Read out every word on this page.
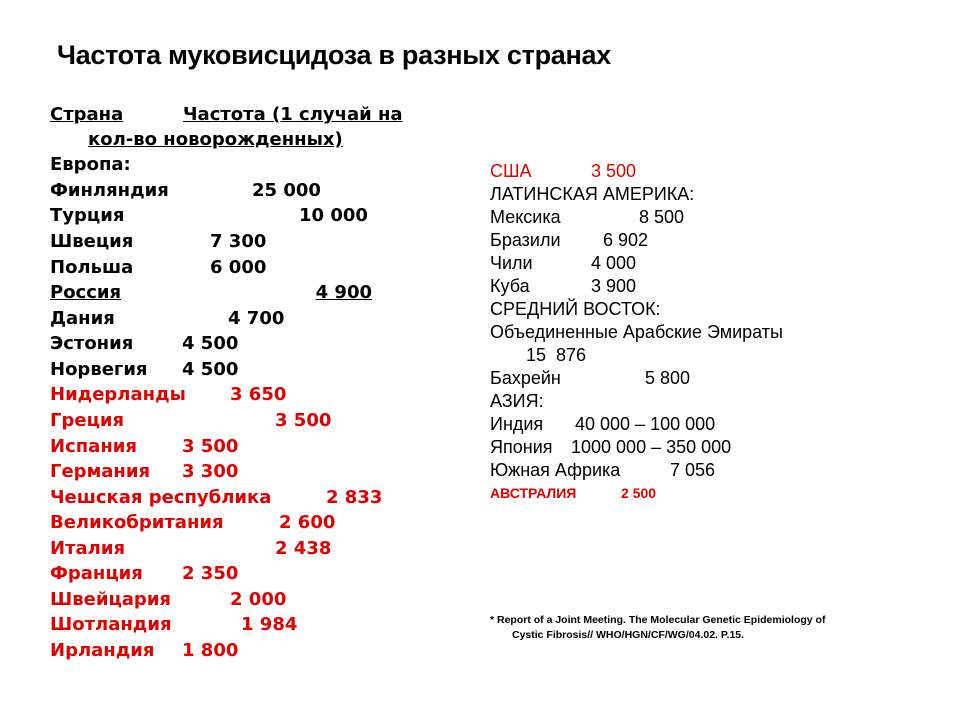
Частота муковисцидоза в разных странах
Страна	Частота (1 случай на
кол-во новорожденных)
Европа:
Финляндия	25 000
Турция	10 000
Швеция	7 300
Польша	6 000
Россия	4 900
Дания	4 700
Эстония	4 500
Норвегия 4 500
Нидерланды 3 650
Греция	3 500
Испания	3 500
Германия 3 300
Чешская республика	2 833
Великобритания	2 600
Италия	2 438
Франция 2 350
Швейцария	2 000
Шотландия	1 984
Ирландия 1 800
США	3 500
ЛАТИНСКАЯ АМЕРИКА:
Мексика	8 500
Бразили 6 902
Чили	4 000
Куба	3 900
СРЕДНИЙ ВОСТОК:
Объединенные Арабские Эмираты
15  876
Бахрейн	5 800
АЗИЯ:
Индия 40 000 – 100 000
Япония 1000 000 – 350 000
Южная Африка	7 056
АВСТРАЛИЯ	2 500
* Report of a Joint Meeting. The Molecular Genetic Epidemiology of
Cystic Fibrosis// WHO/HGN/CF/WG/04.02. P.15.
